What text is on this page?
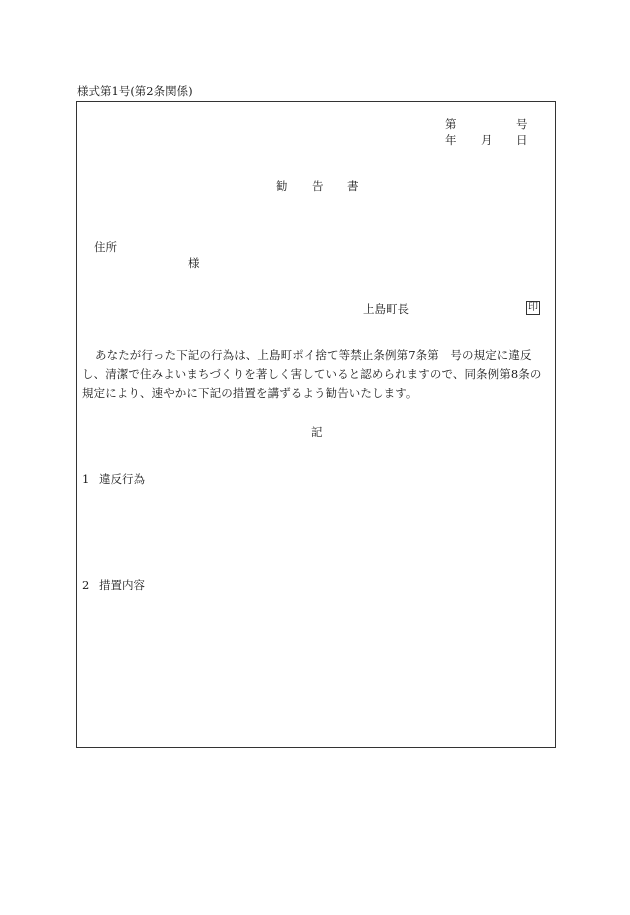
様式第1号(第2条関係)
第	号
年 月 日
勧 告 書
住所
様
上島町長	印
あなたが行った下記の行為は、上島町ポイ捨て等禁止条例第7条第　号の規定に違反し、清潔で住みよいまちづくりを著しく害していると認められますので、同条例第8条の規定により、速やかに下記の措置を講ずるよう勧告いたします。
記
1 違反行為
2 措置内容
